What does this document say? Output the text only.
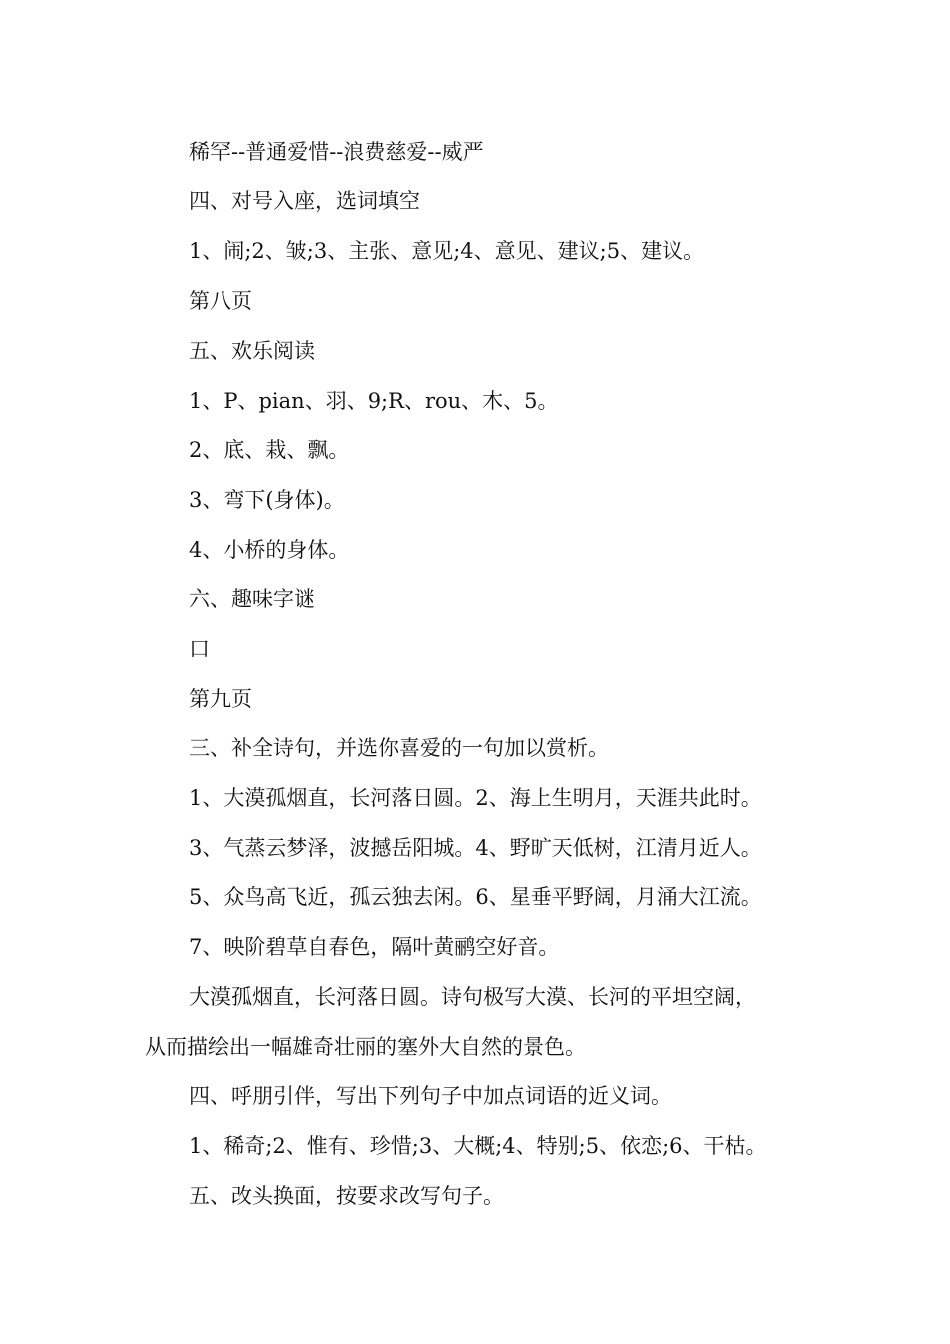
稀罕--普通爱惜--浪费慈爱--威严
四、对号入座，选词填空
1、闹;2、皱;3、主张、意见;4、意见、建议;5、建议。
第八页
五、欢乐阅读
1、P、pian、羽、9;R、rou、木、5。
2、底、栽、飘。
3、弯下(身体)。
4、小桥的身体。
六、趣味字谜
口
第九页
三、补全诗句，并选你喜爱的一句加以赏析。
1、大漠孤烟直，长河落日圆。2、海上生明月，天涯共此时。
3、气蒸云梦泽，波撼岳阳城。4、野旷天低树，江清月近人。
5、众鸟高飞近，孤云独去闲。6、星垂平野阔，月涌大江流。
7、映阶碧草自春色，隔叶黄鹂空好音。
大漠孤烟直，长河落日圆。诗句极写大漠、长河的平坦空阔，
从而描绘出一幅雄奇壮丽的塞外大自然的景色。
四、呼朋引伴，写出下列句子中加点词语的近义词。
1、稀奇;2、惟有、珍惜;3、大概;4、特别;5、依恋;6、干枯。
五、改头换面，按要求改写句子。
